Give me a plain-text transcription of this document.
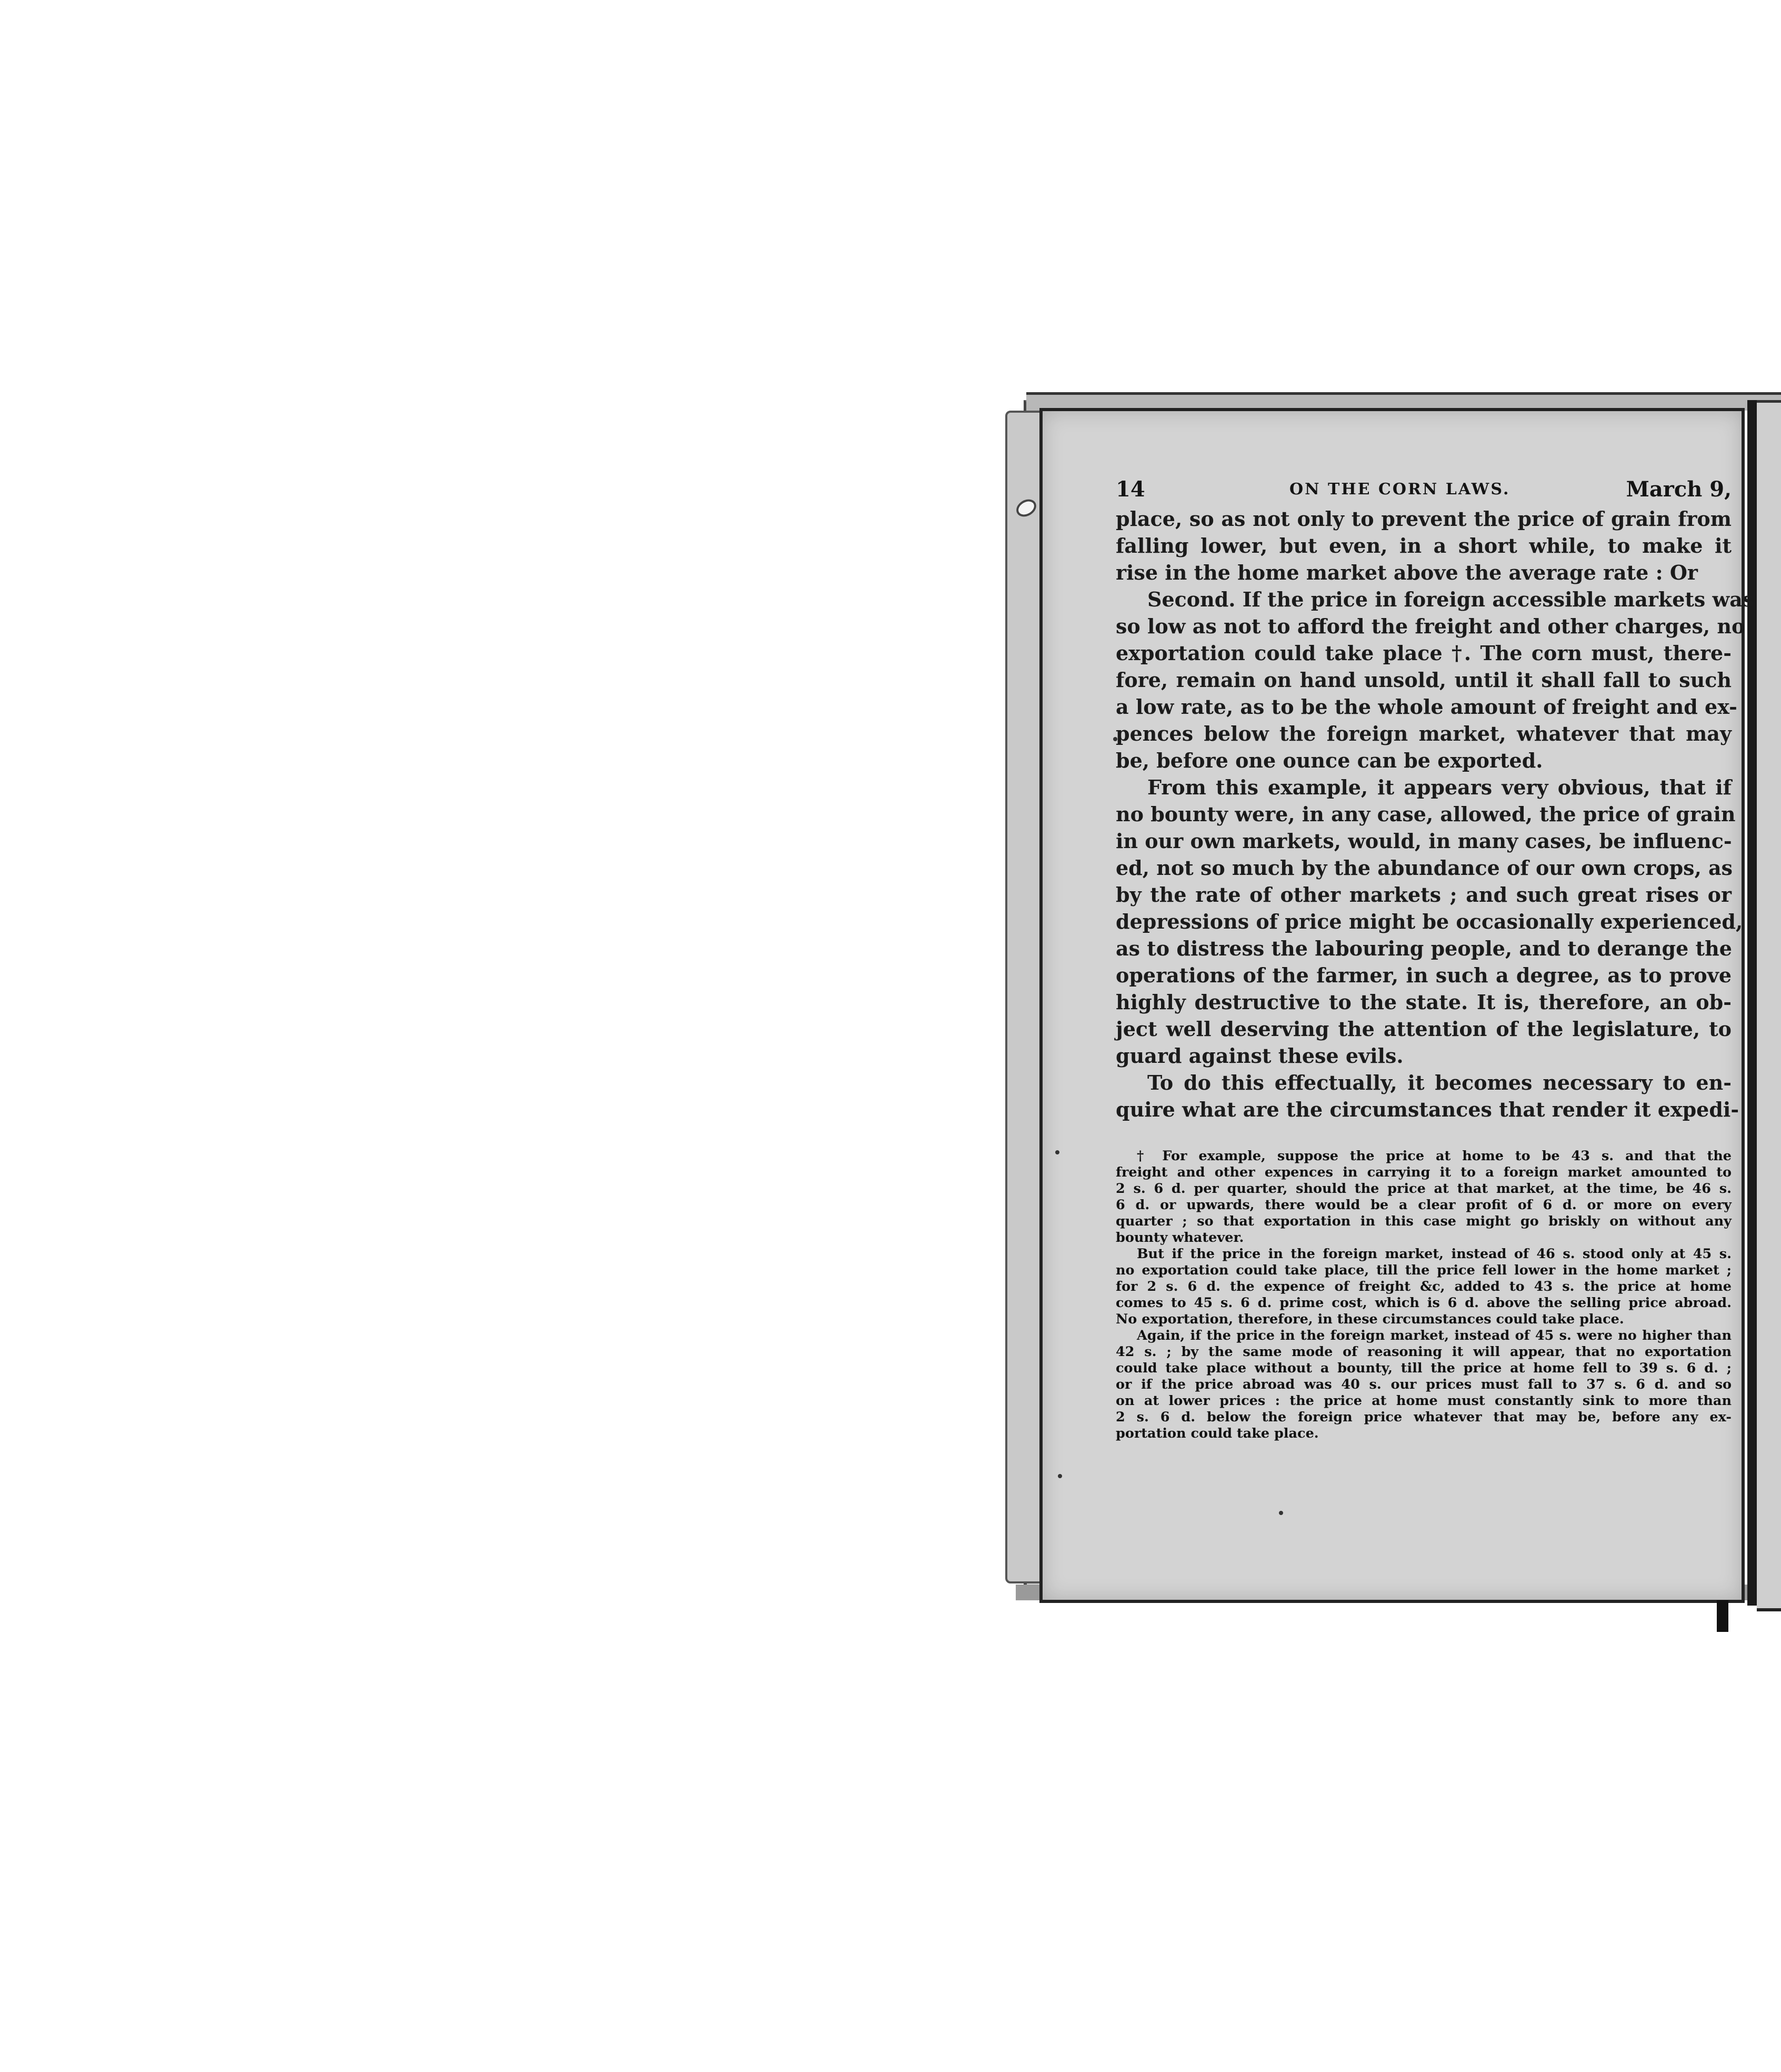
14	ON THE CORN LAWS.	March 9,
place, so as not only to prevent the price of grain from
falling lower, but even, in a short while, to make it
rise in the home market above the average rate : Or
Second. If the price in foreign accessible markets was
so low as not to afford the freight and other charges, no
exportation could take place †. The corn must, there-
fore, remain on hand unsold, until it shall fall to such
a low rate, as to be the whole amount of freight and ex-
pences below the foreign market, whatever that may
be, before one ounce can be exported.
From this example, it appears very obvious, that if
no bounty were, in any case, allowed, the price of grain
in our own markets, would, in many cases, be influenc-
ed, not so much by the abundance of our own crops, as
by the rate of other markets ; and such great rises or
depressions of price might be occasionally experienced,
as to distress the labouring people, and to derange the
operations of the farmer, in such a degree, as to prove
highly destructive to the state. It is, therefore, an ob-
ject well deserving the attention of the legislature, to
guard against these evils.
To do this effectually, it becomes necessary to en-
quire what are the circumstances that render it expedi-
† For example, suppose the price at home to be 43 s. and that the
freight and other expences in carrying it to a foreign market amounted to
2 s. 6 d. per quarter, should the price at that market, at the time, be 46 s.
6 d. or upwards, there would be a clear profit of 6 d. or more on every
quarter ; so that exportation in this case might go briskly on without any
bounty whatever.
But if the price in the foreign market, instead of 46 s. stood only at 45 s.
no exportation could take place, till the price fell lower in the home market ;
for 2 s. 6 d. the expence of freight &c, added to 43 s. the price at home
comes to 45 s. 6 d. prime cost, which is 6 d. above the selling price abroad.
No exportation, therefore, in these circumstances could take place.
Again, if the price in the foreign market, instead of 45 s. were no higher than
42 s. ; by the same mode of reasoning it will appear, that no exportation
could take place without a bounty, till the price at home fell to 39 s. 6 d. ;
or if the price abroad was 40 s. our prices must fall to 37 s. 6 d. and so
on at lower prices : the price at home must constantly sink to more than
2 s. 6 d. below the foreign price whatever that may be, before any ex-
portation could take place.
